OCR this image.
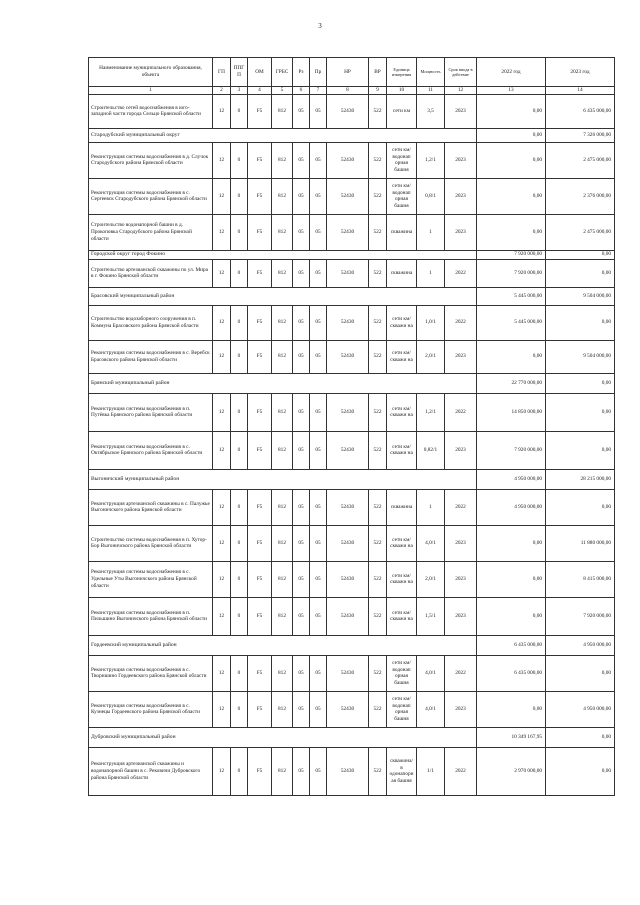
3
Наименование муниципального образования, объекта	ГП	ППГ П	ОМ	ГРБС	Рз	Пр	НР	ВР	Единица измерения	Мощность	Срок ввода в действие	2022 год	2023 год
1	2	3	4	5	6	7	8	9	10	11	12	13	14
Строительство сетей водоснабжения в юго-западной части города Сельцо Брянской области	12	0	F5	812	05	05	52430	522	сети км	3,5	2023	0,00	6 435 000,00
Стародубский муниципальный округ												0,00	7 326 000,00
Реконструкция системы водоснабжения в д. Случок Стародубского района Брянской области	12	0	F5	812	05	05	52430	522	сети км/водонап орная башня	1,2/1	2023	0,00	2 475 000,00
Реконструкция системы водоснабжения в с. Сергеевск Стародубского района Брянской области	12	0	F5	812	05	05	52430	522	сети км/водонап орная башня	0,8/1	2023	0,00	2 376 000,00
Строительство водонапорной башни в д. Прокоповка Стародубского района Брянской области	12	0	F5	812	05	05	52430	522	скважина	1	2023	0,00	2 475 000,00
Городской округ город Фокино												7 920 000,00	0,00
Строительство артезианской скважины по ул. Мира в г. Фокино Брянской области	12	0	F5	812	05	05	52430	522	скважина	1	2022	7 920 000,00	0,00
Брасовский муниципальный район												5 445 000,00	9 504 000,00
Строительство водозаборного сооружения в п. Коммуна Брасовского района Брянской области	12	0	F5	812	05	05	52430	522	сети км/скважи на	1,0/1	2022	5 445 000,00	0,00
Реконструкция системы водоснабжения в с. Веребск Брасовского района Брянской области	12	0	F5	812	05	05	52430	522	сети км/скважи на	2,0/1	2023	0,00	9 504 000,00
Брянский муниципальный район												22 770 000,00	0,00
Реконструкция системы водоснабжения в п. Путёвка Брянского района Брянской области	12	0	F5	812	05	05	52430	522	сети км/скважи на	1,2/1	2022	14 850 000,00	0,00
Реконструкция системы водоснабжения в с. Октябрьское Брянского района Брянской области	12	0	F5	812	05	05	52430	522	сети км/скважи на	0,82/1	2023	7 920 000,00	0,00
Выгоничский муниципальный район												4 950 000,00	28 215 000,00
Реконструкция артезианской скважины в с. Палужье Выгоничского района Брянской области	12	0	F5	812	05	05	52430	522	скважина	1	2022	4 950 000,00	0,00
Строительство системы водоснабжения в п. Хутор-Бор Выгоничского района Брянской области	12	0	F5	812	05	05	52430	522	сети км/скважи на	4,0/1	2023	0,00	11 880 000,00
Реконструкция системы водоснабжения в с. Удельные Уты Выгоничского района Брянской области	12	0	F5	812	05	05	52430	522	сети км/скважи на	2,0/1	2023	0,00	8 415 000,00
Реконструкция системы водоснабжения в п. Пильшино Выгоничского района Брянской области	12	0	F5	812	05	05	52430	522	сети км/скважи на	1,5/1	2023	0,00	7 920 000,00
Гордеевский муниципальный район												6 435 000,00	4 950 000,00
Реконструкция системы водоснабжения в с. Творишино Гордеевского района Брянской области	12	0	F5	812	05	05	52430	522	сети км/водонап орная башня	4,0/1	2022	6 435 000,00	0,00
Реконструкция системы водоснабжения в с. Кузнецы Гордеевского района Брянской области	12	0	F5	812	05	05	52430	522	сети км/водонап орная башня	4,0/1	2023	0,00	4 950 000,00
Дубровский муниципальный район												10 349 167,95	0,00
Реконструкция артезианской скважины и водонапорной башни в с. Рековичи Дубровского района Брянской области	12	0	F5	812	05	05	52430	522	скважина/в одонапорн ая башня	1/1	2022	2 970 000,00	0,00
